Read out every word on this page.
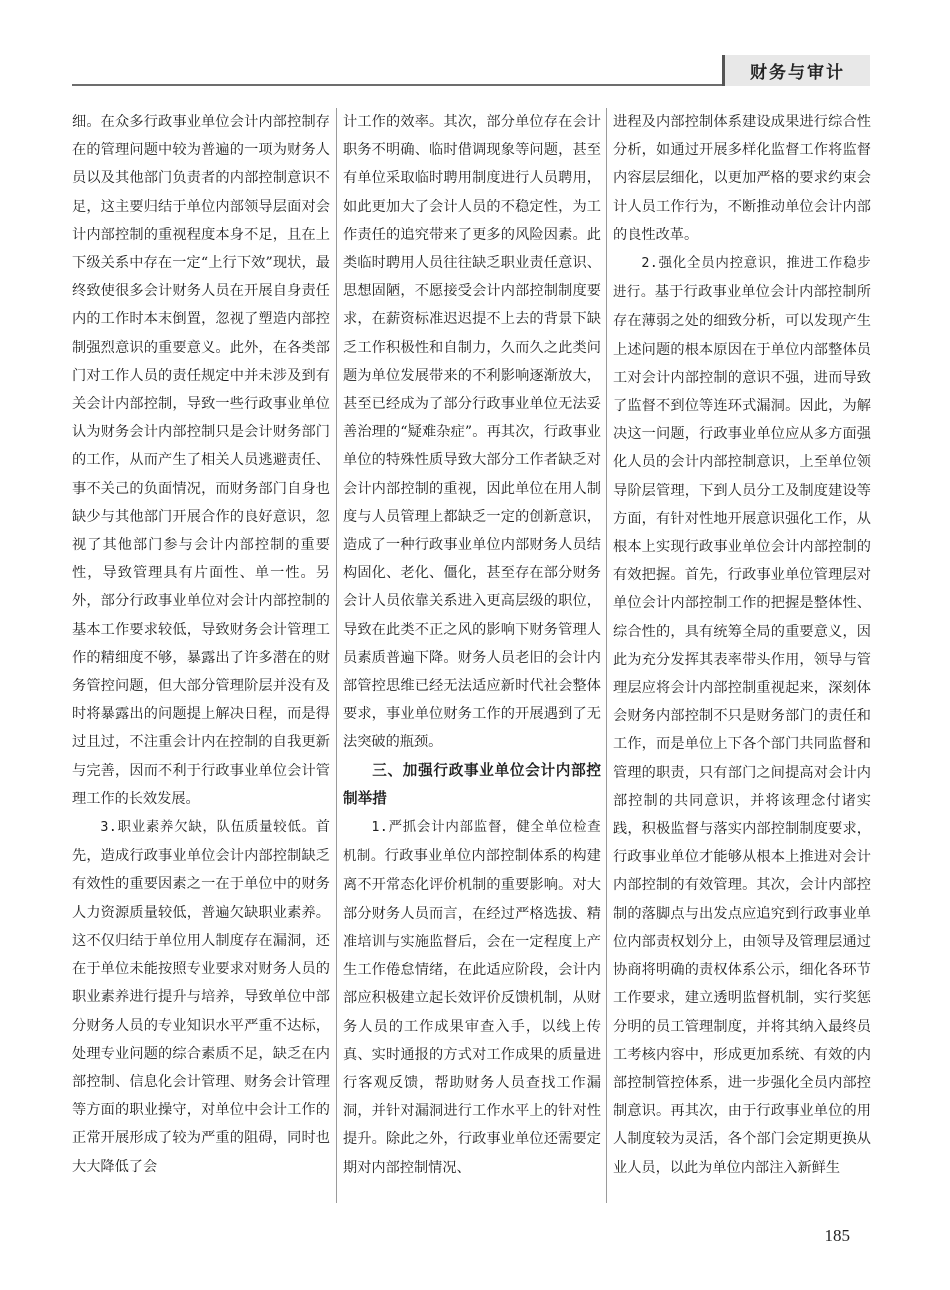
财务与审计

细。在众多行政事业单位会计内部控制存在的管理问题中较为普遍的一项为财务人员以及其他部门负责者的内部控制意识不足，这主要归结于单位内部领导层面对会计内部控制的重视程度本身不足，且在上下级关系中存在一定“上行下效”现状，最终致使很多会计财务人员在开展自身责任内的工作时本末倒置，忽视了塑造内部控制强烈意识的重要意义。此外，在各类部门对工作人员的责任规定中并未涉及到有关会计内部控制，导致一些行政事业单位认为财务会计内部控制只是会计财务部门的工作，从而产生了相关人员逃避责任、事不关己的负面情况，而财务部门自身也缺少与其他部门开展合作的良好意识，忽视了其他部门参与会计内部控制的重要性，导致管理具有片面性、单一性。另外，部分行政事业单位对会计内部控制的基本工作要求较低，导致财务会计管理工作的精细度不够，暴露出了许多潜在的财务管控问题，但大部分管理阶层并没有及时将暴露出的问题提上解决日程，而是得过且过，不注重会计内在控制的自我更新与完善，因而不利于行政事业单位会计管理工作的长效发展。

3.职业素养欠缺，队伍质量较低。首先，造成行政事业单位会计内部控制缺乏有效性的重要因素之一在于单位中的财务人力资源质量较低，普遍欠缺职业素养。这不仅归结于单位用人制度存在漏洞，还在于单位未能按照专业要求对财务人员的职业素养进行提升与培养，导致单位中部分财务人员的专业知识水平严重不达标，处理专业问题的综合素质不足，缺乏在内部控制、信息化会计管理、财务会计管理等方面的职业操守，对单位中会计工作的正常开展形成了较为严重的阻碍，同时也大大降低了会

计工作的效率。其次，部分单位存在会计职务不明确、临时借调现象等问题，甚至有单位采取临时聘用制度进行人员聘用，如此更加大了会计人员的不稳定性，为工作责任的追究带来了更多的风险因素。此类临时聘用人员往往缺乏职业责任意识、思想固陋，不愿接受会计内部控制制度要求，在薪资标准迟迟提不上去的背景下缺乏工作积极性和自制力，久而久之此类问题为单位发展带来的不利影响逐渐放大，甚至已经成为了部分行政事业单位无法妥善治理的“疑难杂症”。再其次，行政事业单位的特殊性质导致大部分工作者缺乏对会计内部控制的重视，因此单位在用人制度与人员管理上都缺乏一定的创新意识，造成了一种行政事业单位内部财务人员结构固化、老化、僵化，甚至存在部分财务会计人员依靠关系进入更高层级的职位，导致在此类不正之风的影响下财务管理人员素质普遍下降。财务人员老旧的会计内部管控思维已经无法适应新时代社会整体要求，事业单位财务工作的开展遇到了无法突破的瓶颈。

三、加强行政事业单位会计内部控制举措

1.严抓会计内部监督，健全单位检查机制。行政事业单位内部控制体系的构建离不开常态化评价机制的重要影响。对大部分财务人员而言，在经过严格选拔、精准培训与实施监督后，会在一定程度上产生工作倦怠情绪，在此适应阶段，会计内部应积极建立起长效评价反馈机制，从财务人员的工作成果审查入手，以线上传真、实时通报的方式对工作成果的质量进行客观反馈，帮助财务人员查找工作漏洞，并针对漏洞进行工作水平上的针对性提升。除此之外，行政事业单位还需要定期对内部控制情况、

进程及内部控制体系建设成果进行综合性分析，如通过开展多样化监督工作将监督内容层层细化，以更加严格的要求约束会计人员工作行为，不断推动单位会计内部的良性改革。

2.强化全员内控意识，推进工作稳步进行。基于行政事业单位会计内部控制所存在薄弱之处的细致分析，可以发现产生上述问题的根本原因在于单位内部整体员工对会计内部控制的意识不强，进而导致了监督不到位等连环式漏洞。因此，为解决这一问题，行政事业单位应从多方面强化人员的会计内部控制意识，上至单位领导阶层管理，下到人员分工及制度建设等方面，有针对性地开展意识强化工作，从根本上实现行政事业单位会计内部控制的有效把握。首先，行政事业单位管理层对单位会计内部控制工作的把握是整体性、综合性的，具有统筹全局的重要意义，因此为充分发挥其表率带头作用，领导与管理层应将会计内部控制重视起来，深刻体会财务内部控制不只是财务部门的责任和工作，而是单位上下各个部门共同监督和管理的职责，只有部门之间提高对会计内部控制的共同意识，并将该理念付诸实践，积极监督与落实内部控制制度要求，行政事业单位才能够从根本上推进对会计内部控制的有效管理。其次，会计内部控制的落脚点与出发点应追究到行政事业单位内部责权划分上，由领导及管理层通过协商将明确的责权体系公示，细化各环节工作要求，建立透明监督机制，实行奖惩分明的员工管理制度，并将其纳入最终员工考核内容中，形成更加系统、有效的内部控制管控体系，进一步强化全员内部控制意识。再其次，由于行政事业单位的用人制度较为灵活，各个部门会定期更换从业人员，以此为单位内部注入新鲜生

185
